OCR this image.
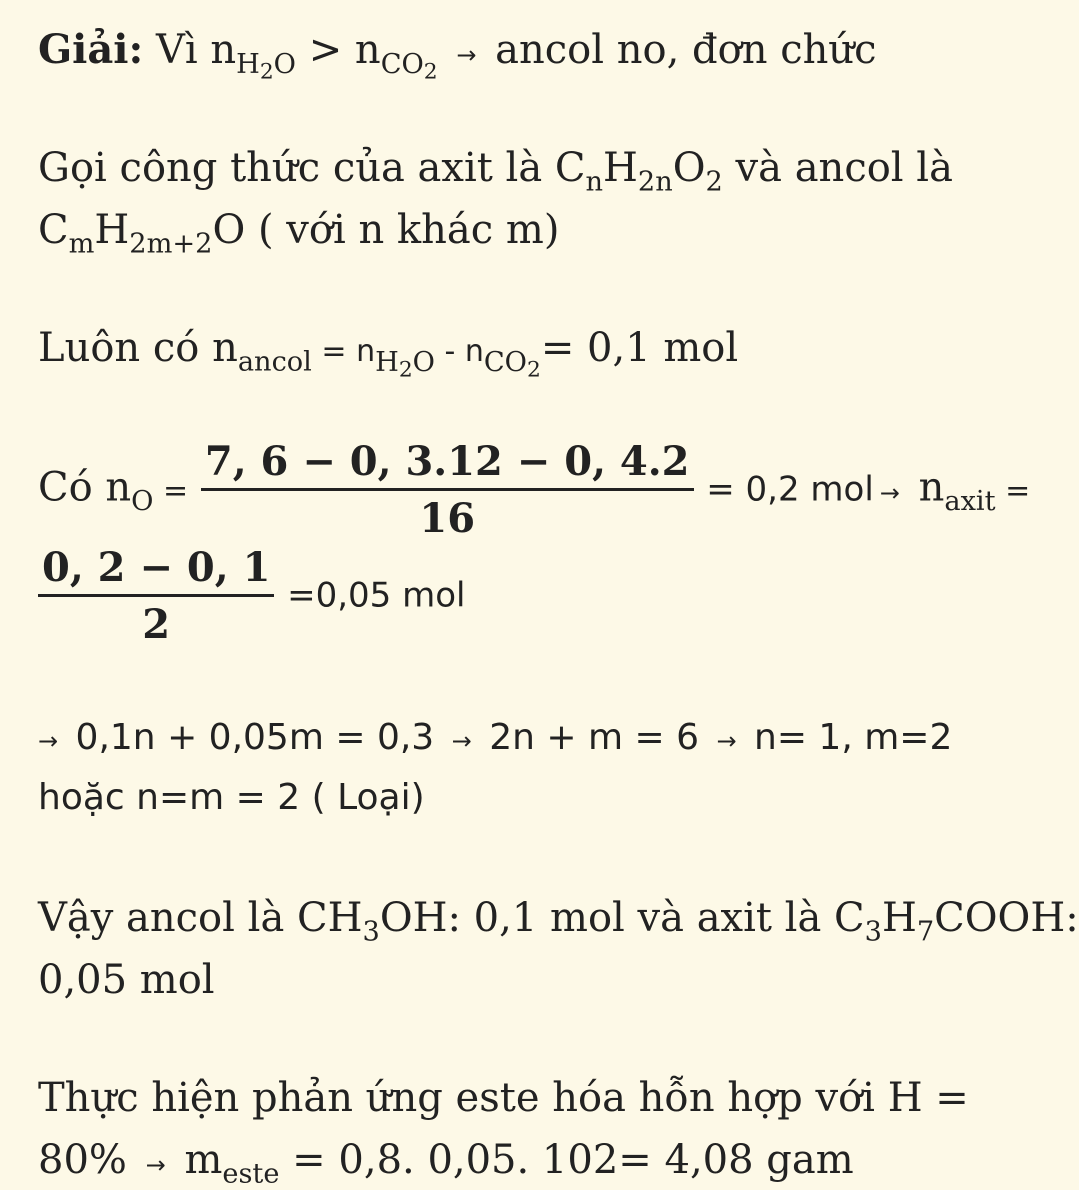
Giải: Vì $n_{H_2O} > n_{CO_2}$ → ancol no, đơn chức
Gọi công thức của axit là $C_nH_{2n}O_2$ và ancol là
$C_mH_{2m+2}O$ ( với n khác m)
Luôn có $n_{ancol} = n_{H_2O} - n_{CO_2}= 0,1$ mol
Có $n_O = \frac{7, 6 - 0, 3.12 - 0, 4.2}{16} = 0,2$ mol → $n_{axit}$ =
$\frac{0, 2 - 0, 1}{2} =0,05$ mol
→ 0,1n + 0,05m = 0,3 → 2n + m = 6 → n= 1, m=2
hoặc n=m = 2 ( Loại)
Vậy ancol là $CH_3OH$: 0,1 mol và axit là $C_3H_7COOH$:
0,05 mol
Thực hiện phản ứng este hóa hỗn hợp với H =
$80\% \to m_{este} = 0,8$. 0,05. 102= 4,08 gam
